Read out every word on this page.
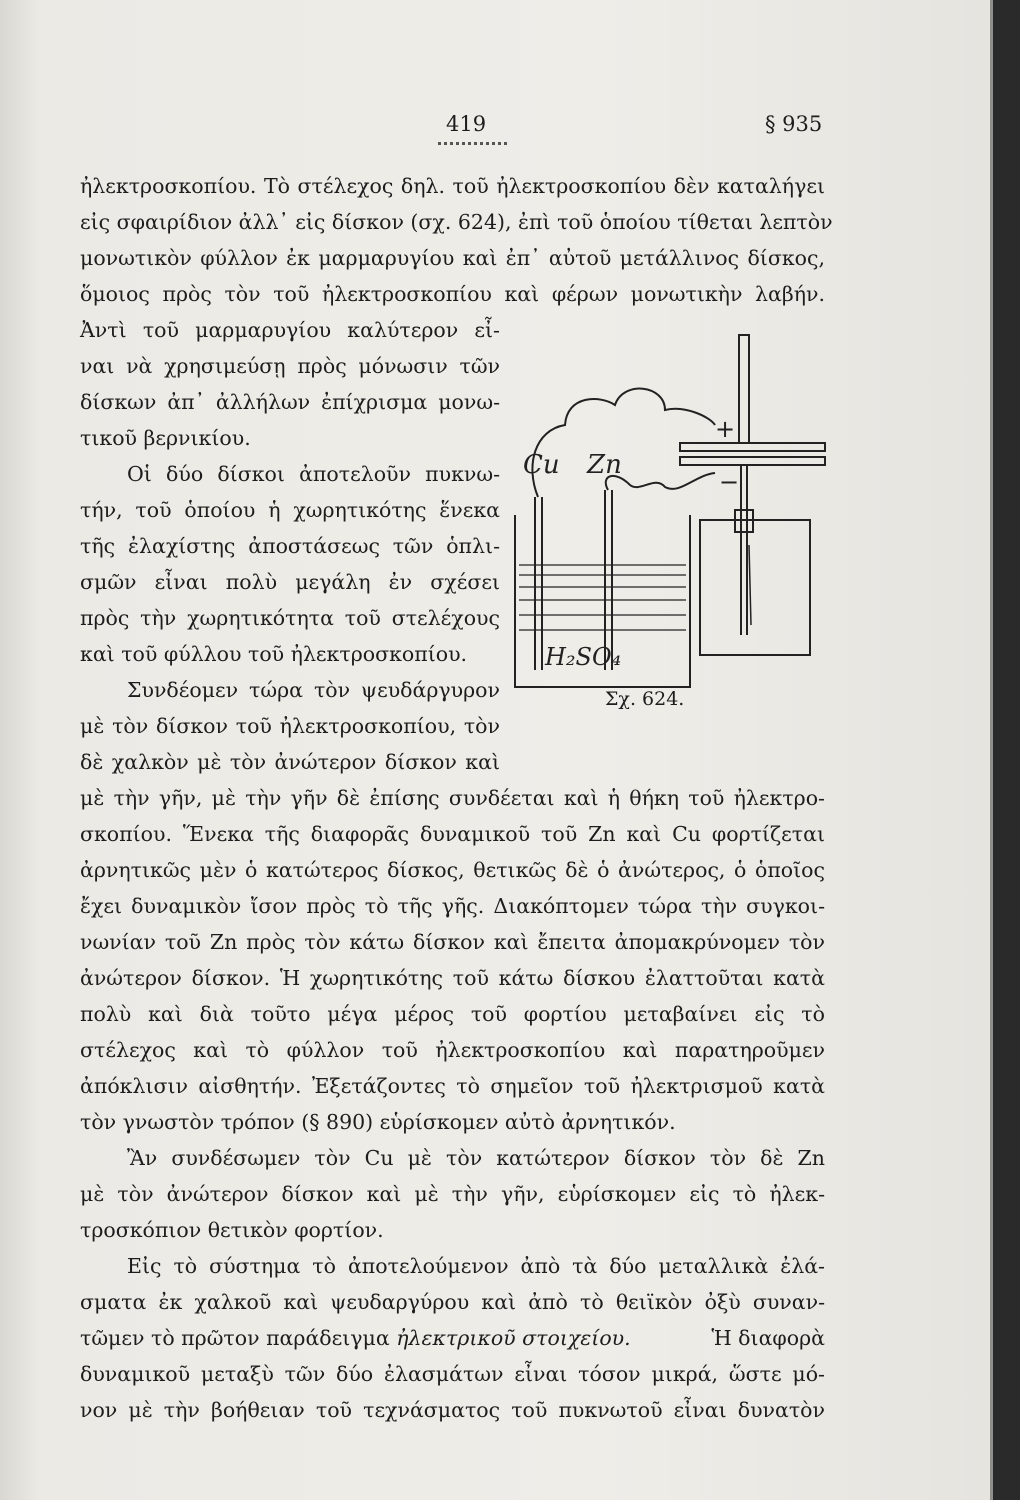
419	§ 935
ἠλεκτροσκοπίου. Τὸ στέλεχος δηλ. τοῦ ἠλεκτροσκοπίου δὲν καταλήγει
εἰς σφαιρίδιον ἀλλ᾽ εἰς δίσκον (σχ. 624), ἐπὶ τοῦ ὁποίου τίθεται λεπτὸν
μονωτικὸν φύλλον ἐκ μαρμαρυγίου καὶ ἐπ᾽ αὐτοῦ μετάλλινος δίσκος,
ὅμοιος πρὸς τὸν τοῦ ἠλεκτροσκοπίου καὶ φέρων μονωτικὴν λαβήν.
Ἀντὶ τοῦ μαρμαρυγίου καλύτερον εἶ-
ναι νὰ χρησιμεύσῃ πρὸς μόνωσιν τῶν
δίσκων ἀπ᾽ ἀλλήλων ἐπίχρισμα μονω-
τικοῦ βερνικίου.
Οἱ δύο δίσκοι ἀποτελοῦν πυκνω-
τήν, τοῦ ὁποίου ἡ χωρητικότης ἕνεκα
τῆς ἐλαχίστης ἀποστάσεως τῶν ὁπλι-
σμῶν εἶναι πολὺ μεγάλη ἐν σχέσει
πρὸς τὴν χωρητικότητα τοῦ στελέχους
καὶ τοῦ φύλλου τοῦ ἠλεκτροσκοπίου.
Συνδέομεν τώρα τὸν ψευδάργυρον
μὲ τὸν δίσκον τοῦ ἠλεκτροσκοπίου, τὸν
δὲ χαλκὸν μὲ τὸν ἀνώτερον δίσκον καὶ
μὲ τὴν γῆν, μὲ τὴν γῆν δὲ ἐπίσης συνδέεται καὶ ἡ θήκη τοῦ ἠλεκτρο-
σκοπίου. Ἕνεκα τῆς διαφορᾶς δυναμικοῦ τοῦ Zn καὶ Cu φορτίζεται
ἀρνητικῶς μὲν ὁ κατώτερος δίσκος, θετικῶς δὲ ὁ ἀνώτερος, ὁ ὁποῖος
ἔχει δυναμικὸν ἴσον πρὸς τὸ τῆς γῆς. Διακόπτομεν τώρα τὴν συγκοι-
νωνίαν τοῦ Zn πρὸς τὸν κάτω δίσκον καὶ ἔπειτα ἀπομακρύνομεν τὸν
ἀνώτερον δίσκον. Ἡ χωρητικότης τοῦ κάτω δίσκου ἐλαττοῦται κατὰ
πολὺ καὶ διὰ τοῦτο μέγα μέρος τοῦ φορτίου μεταβαίνει εἰς τὸ
στέλεχος καὶ τὸ φύλλον τοῦ ἠλεκτροσκοπίου καὶ παρατηροῦμεν
ἀπόκλισιν αἰσθητήν. Ἐξετάζοντες τὸ σημεῖον τοῦ ἠλεκτρισμοῦ κατὰ
τὸν γνωστὸν τρόπον (§ 890) εὑρίσκομεν αὐτὸ ἀρνητικόν.
Ἂν συνδέσωμεν τὸν Cu μὲ τὸν κατώτερον δίσκον τὸν δὲ Zn
μὲ τὸν ἀνώτερον δίσκον καὶ μὲ τὴν γῆν, εὑρίσκομεν εἰς τὸ ἠλεκ-
τροσκόπιον θετικὸν φορτίον.
Εἰς τὸ σύστημα τὸ ἀποτελούμενον ἀπὸ τὰ δύο μεταλλικὰ ἐλά-
σματα ἐκ χαλκοῦ καὶ ψευδαργύρου καὶ ἀπὸ τὸ θειϊκὸν ὀξὺ συναν-
τῶμεν τὸ πρῶτον παράδειγμα ἠλεκτρικοῦ στοιχείου.	Ἡ διαφορὰ
δυναμικοῦ μεταξὺ τῶν δύο ἐλασμάτων εἶναι τόσον μικρά, ὥστε μό-
νον μὲ τὴν βοήθειαν τοῦ τεχνάσματος τοῦ πυκνωτοῦ εἶναι δυνατὸν
Cu Zn
H₂SO₄
+
−
Σχ. 624.
